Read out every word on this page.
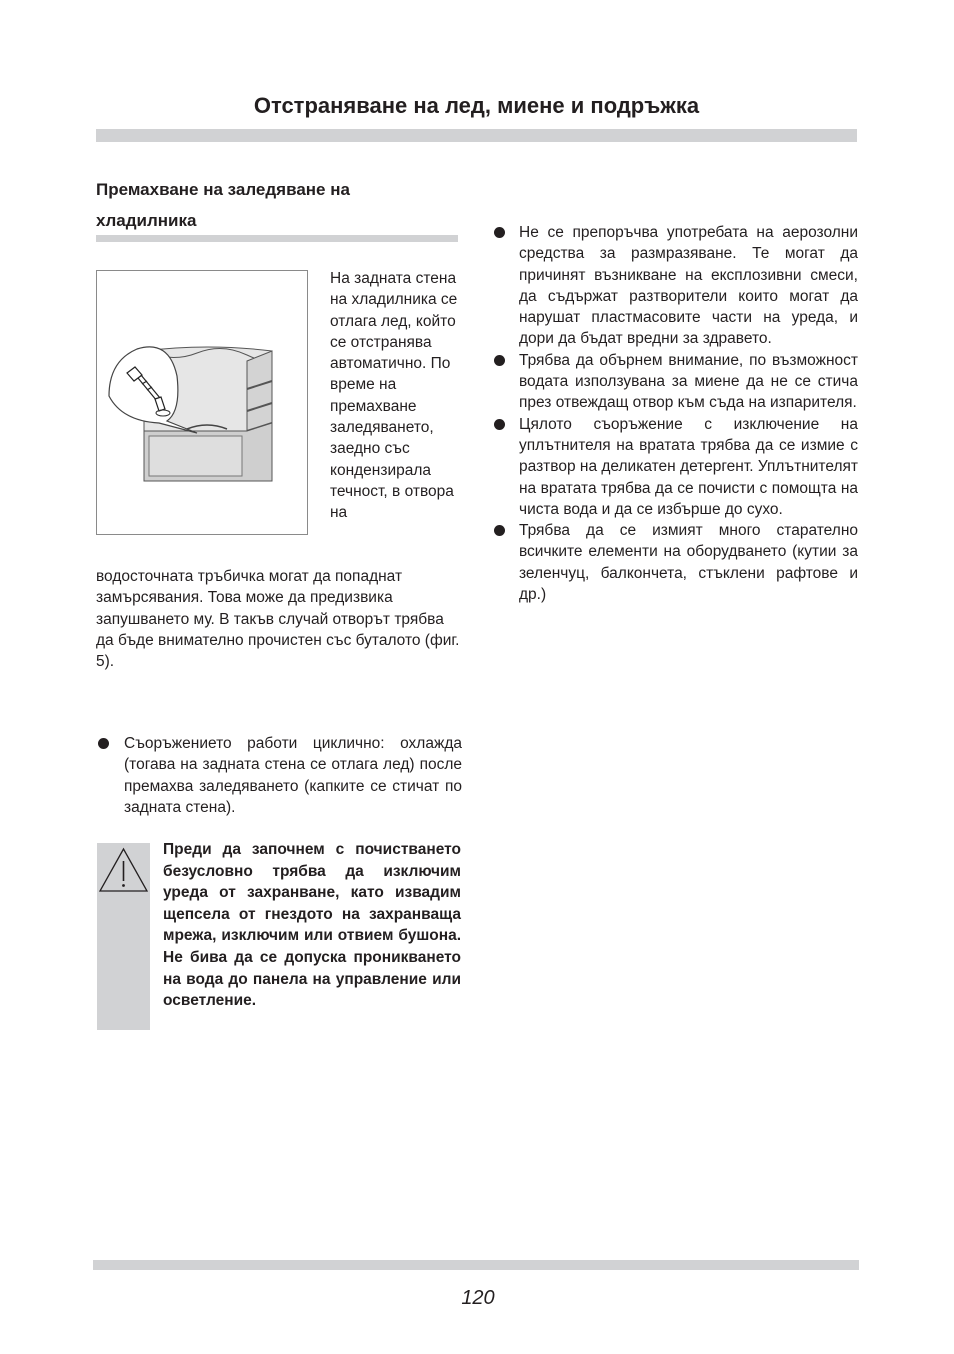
Отстраняване на лед, миене и подръжка
Премахване на заледяване на хладилника
На задната стена на хладилника се отлага лед, който се отстранява автоматично. По време на премахване заледяването, заедно със кондензирала течност, в отвора на
водосточната тръбичка могат да попаднат замърсявания. Това може да предизвика запушването му. В такъв случай отворът трябва да бъде внимателно прочистен със буталото (фиг. 5).
Съоръжението работи циклично: охлажда (тогава на задната стена се отлага лед) после премахва заледяването (капките се стичат по задната стена).
Преди да започнем с почистването безусловно трябва да изключим уреда от захранване, като извадим щепсела от гнездото на захранваща мрежа, изключим или отвием бушона. Не бива да се допуска проникването на вода до панела на управление или осветление.
Не се препоръчва употребата на аерозолни средства за размразяване. Те могат да причинят възникване на експлозивни смеси, да съдържат разтворители които могат да нарушат пластмасовите части на уреда, и дори да бъдат вредни за здравето.
Трябва да обърнем внимание, по възможност водата използувана за миене да не се стича през отвеждащ отвор към съда на изпарителя.
Цялото съоръжение с изключение на уплътнителя на вратата трябва да се измие с разтвор на деликатен детергент. Уплътнителят на вратата трябва да се почисти с помощта на чиста вода и да се избърше до сухо.
Трябва да се измият много старателно всичките елементи на оборудването (кутии за зеленчуц, балкончета, стъклени рафтове и др.)
120
